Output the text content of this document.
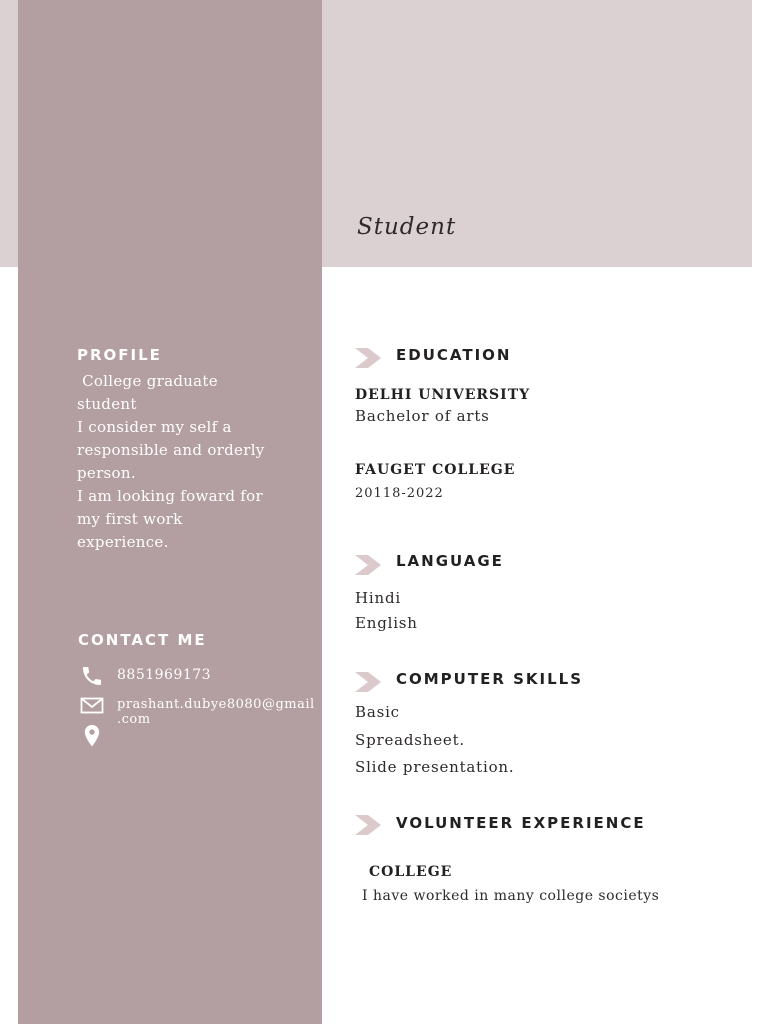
Student
PROFILE
College graduate student
I consider my self a responsible and orderly person.
I am looking foward for my first work experience.
CONTACT ME
8851969173
prashant.dubye8080@gmail
.com
EDUCATION
DELHI UNIVERSITY
Bachelor of arts
FAUGET COLLEGE
20118-2022
LANGUAGE
Hindi
English
COMPUTER SKILLS
Basic
Spreadsheet.
Slide presentation.
VOLUNTEER EXPERIENCE
COLLEGE
I have worked in many college societys
